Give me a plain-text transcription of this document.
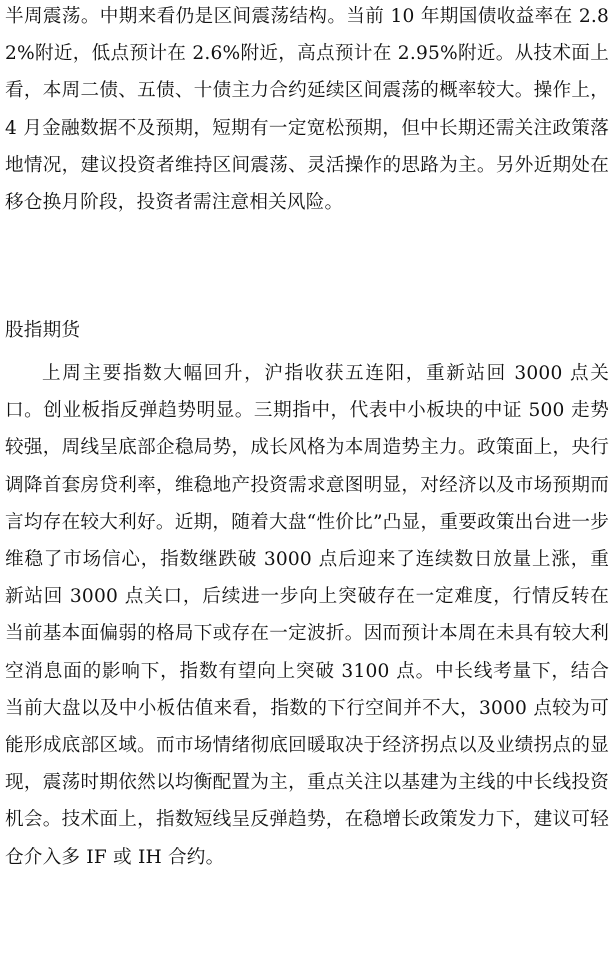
半周震荡。中期来看仍是区间震荡结构。当前 10 年期国债收益率在 2.82%附近，低点预计在 2.6%附近，高点预计在 2.95%附近。从技术面上看，本周二债、五债、十债主力合约延续区间震荡的概率较大。操作上，4 月金融数据不及预期，短期有一定宽松预期，但中长期还需关注政策落地情况，建议投资者维持区间震荡、灵活操作的思路为主。另外近期处在移仓换月阶段，投资者需注意相关风险。

股指期货

上周主要指数大幅回升，沪指收获五连阳，重新站回 3000 点关口。创业板指反弹趋势明显。三期指中，代表中小板块的中证 500 走势较强，周线呈底部企稳局势，成长风格为本周造势主力。政策面上，央行调降首套房贷利率，维稳地产投资需求意图明显，对经济以及市场预期而言均存在较大利好。近期，随着大盘“性价比”凸显，重要政策出台进一步维稳了市场信心，指数继跌破 3000 点后迎来了连续数日放量上涨，重新站回 3000 点关口，后续进一步向上突破存在一定难度，行情反转在当前基本面偏弱的格局下或存在一定波折。因而预计本周在未具有较大利空消息面的影响下，指数有望向上突破 3100 点。中长线考量下，结合当前大盘以及中小板估值来看，指数的下行空间并不大，3000 点较为可能形成底部区域。而市场情绪彻底回暖取决于经济拐点以及业绩拐点的显现，震荡时期依然以均衡配置为主，重点关注以基建为主线的中长线投资机会。技术面上，指数短线呈反弹趋势，在稳增长政策发力下，建议可轻仓介入多 IF 或 IH 合约。
